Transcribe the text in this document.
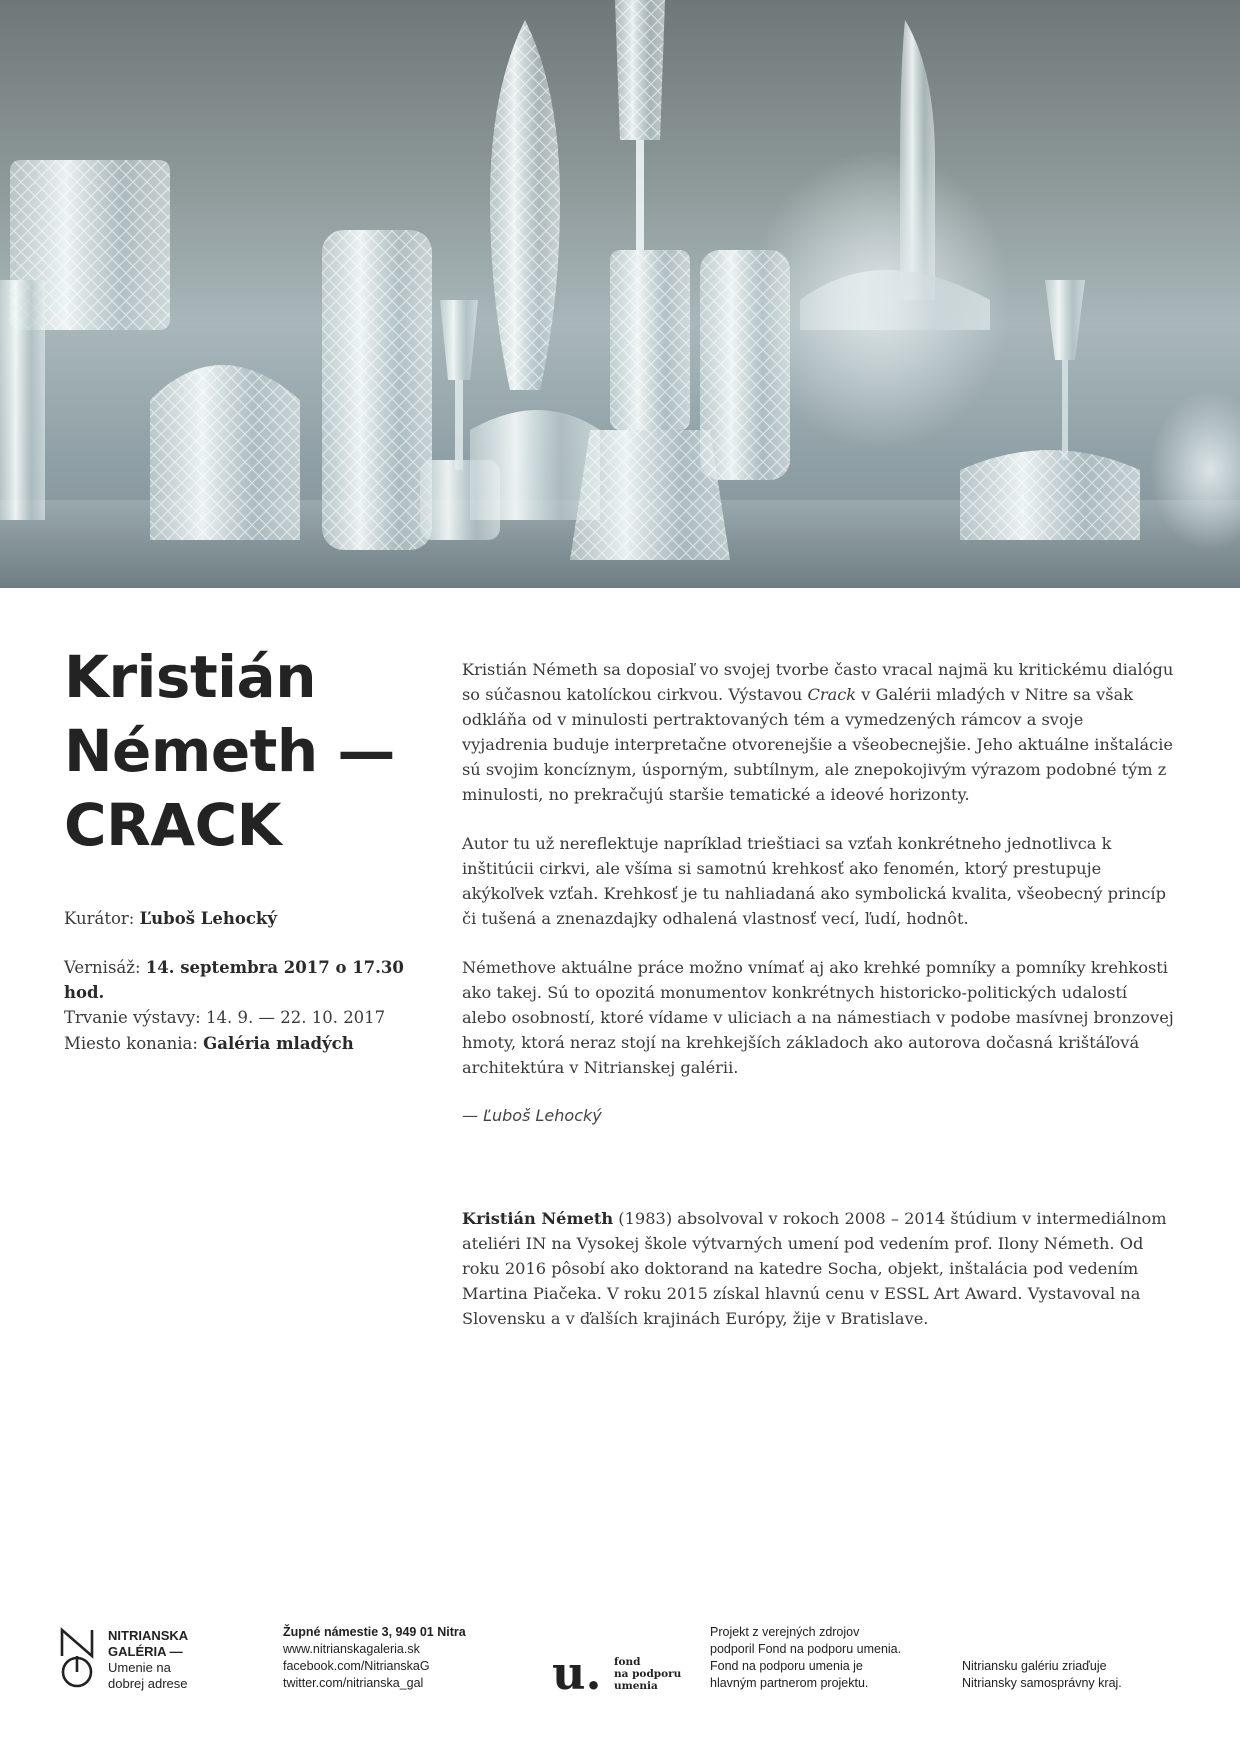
Kristián
Németh —
CRACK
Kurátor: Ľuboš Lehocký
Vernisáž: 14. septembra 2017 o 17.30 hod.
Trvanie výstavy: 14. 9. — 22. 10. 2017
Miesto konania: Galéria mladých

Kristián Németh sa doposiaľ vo svojej tvorbe často vracal najmä ku kritickému dialógu so súčasnou katolíckou cirkvou. Výstavou Crack v Galérii mladých v Nitre sa však odkláňa od v minulosti pertraktovaných tém a vymedzených rámcov a svoje vyjadrenia buduje interpretačne otvorenejšie a všeobecnejšie. Jeho aktuálne inštalácie sú svojim koncíznym, úsporným, subtílnym, ale znepokojivým výrazom podobné tým z minulosti, no prekračujú staršie tematické a ideové horizonty.

Autor tu už nereflektuje napríklad trieštiaci sa vzťah konkrétneho jednotlivca k inštitúcii cirkvi, ale všíma si samotnú krehkosť ako fenomén, ktorý prestupuje akýkoľvek vzťah. Krehkosť je tu nahliadaná ako symbolická kvalita, všeobecný princíp či tušená a znenazdajky odhalená vlastnosť vecí, ľudí, hodnôt.

Némethove aktuálne práce možno vnímať aj ako krehké pomníky a pomníky krehkosti ako takej. Sú to opozitá monumentov konkrétnych historicko-politických udalostí alebo osobností, ktoré vídame v uliciach a na námestiach v podobe masívnej bronzovej hmoty, ktorá neraz stojí na krehkejších základoch ako autorova dočasná krištáľová architektúra v Nitrianskej galérii.

— Ľuboš Lehocký

Kristián Németh (1983) absolvoval v rokoch 2008 – 2014 štúdium v intermediálnom ateliéri IN na Vysokej škole výtvarných umení pod vedením prof. Ilony Németh. Od roku 2016 pôsobí ako doktorand na katedre Socha, objekt, inštalácia pod vedením Martina Piačeka. V roku 2015 získal hlavnú cenu v ESSL Art Award. Vystavoval na Slovensku a v ďalších krajinách Európy, žije v Bratislave.

NITRIANSKA
GALÉRIA —
Umenie na
dobrej adrese
Župné námestie 3, 949 01 Nitra
www.nitrianskagaleria.sk
facebook.com/NitrianskaG
twitter.com/nitrianska_gal	u. fond
na podporu
umenia
Projekt z verejných zdrojov
podporil Fond na podporu umenia.
Fond na podporu umenia je
hlavným partnerom projektu.
Nitriansku galériu zriaďuje
Nitriansky samosprávny kraj.
